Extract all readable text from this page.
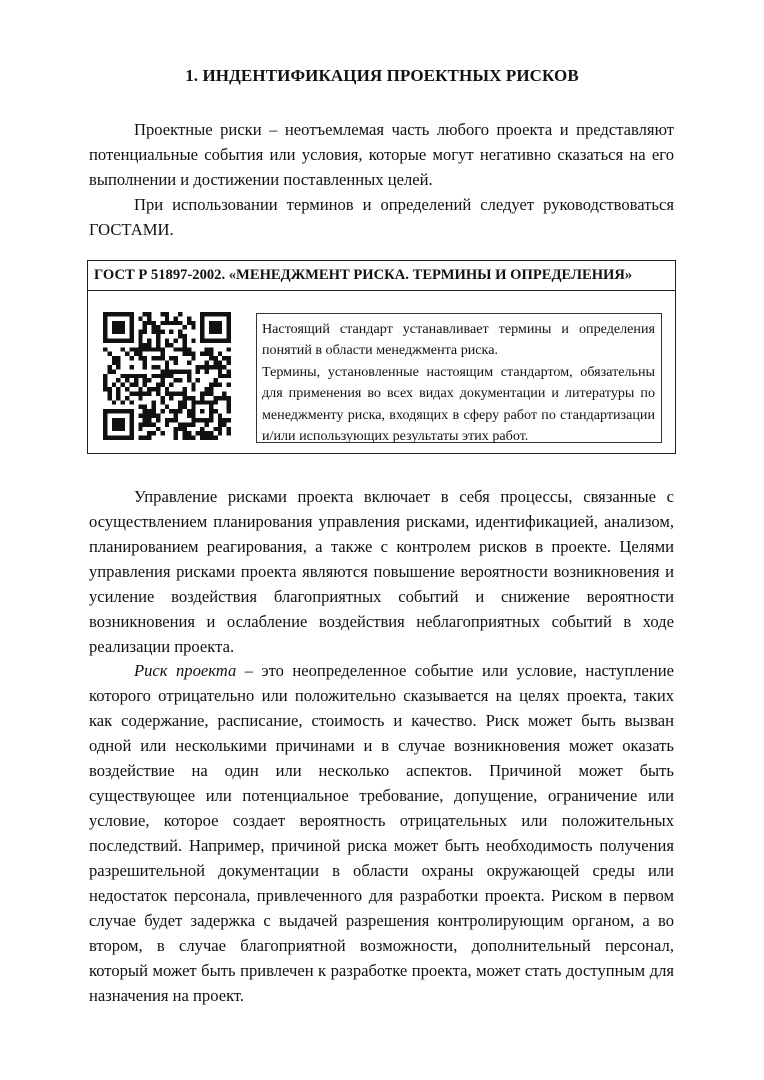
1. ИНДЕНТИФИКАЦИЯ ПРОЕКТНЫХ РИСКОВ

Проектные риски – неотъемлемая часть любого проекта и представляют потенциальные события или условия, которые могут негативно сказаться на его выполнении и достижении поставленных целей.

При использовании терминов и определений следует руководствоваться ГОСТАМИ.

ГОСТ Р 51897-2002. «МЕНЕДЖМЕНТ РИСКА. ТЕРМИНЫ И ОПРЕДЕЛЕНИЯ»

Настоящий стандарт устанавливает термины и определения понятий в области менеджмента риска.

Термины, установленные настоящим стандартом, обязательны для применения во всех видах документации и литературы по менеджменту риска, входящих в сферу работ по стандартизации и/или использующих результаты этих работ.

Управление рисками проекта включает в себя процессы, связанные с осуществлением планирования управления рисками, идентификацией, анализом, планированием реагирования, а также с контролем рисков в проекте. Целями управления рисками проекта являются повышение вероятности возникновения и усиление воздействия благоприятных событий и снижение вероятности возникновения и ослабление воздействия неблагоприятных событий в ходе реализации проекта.

Риск проекта – это неопределенное событие или условие, наступление которого отрицательно или положительно сказывается на целях проекта, таких как содержание, расписание, стоимость и качество. Риск может быть вызван одной или несколькими причинами и в случае возникновения может оказать воздействие на один или несколько аспектов. Причиной может быть существующее или потенциальное требование, допущение, ограничение или условие, которое создает вероятность отрицательных или положительных последствий. Например, причиной риска может быть необходимость получения разрешительной документации в области охраны окружающей среды или недостаток персонала, привлеченного для разработки проекта. Риском в первом случае будет задержка с выдачей разрешения контролирующим органом, а во втором, в случае благоприятной возможности, дополнительный персонал, который может быть привлечен к разработке проекта, может стать доступным для назначения на проект.
